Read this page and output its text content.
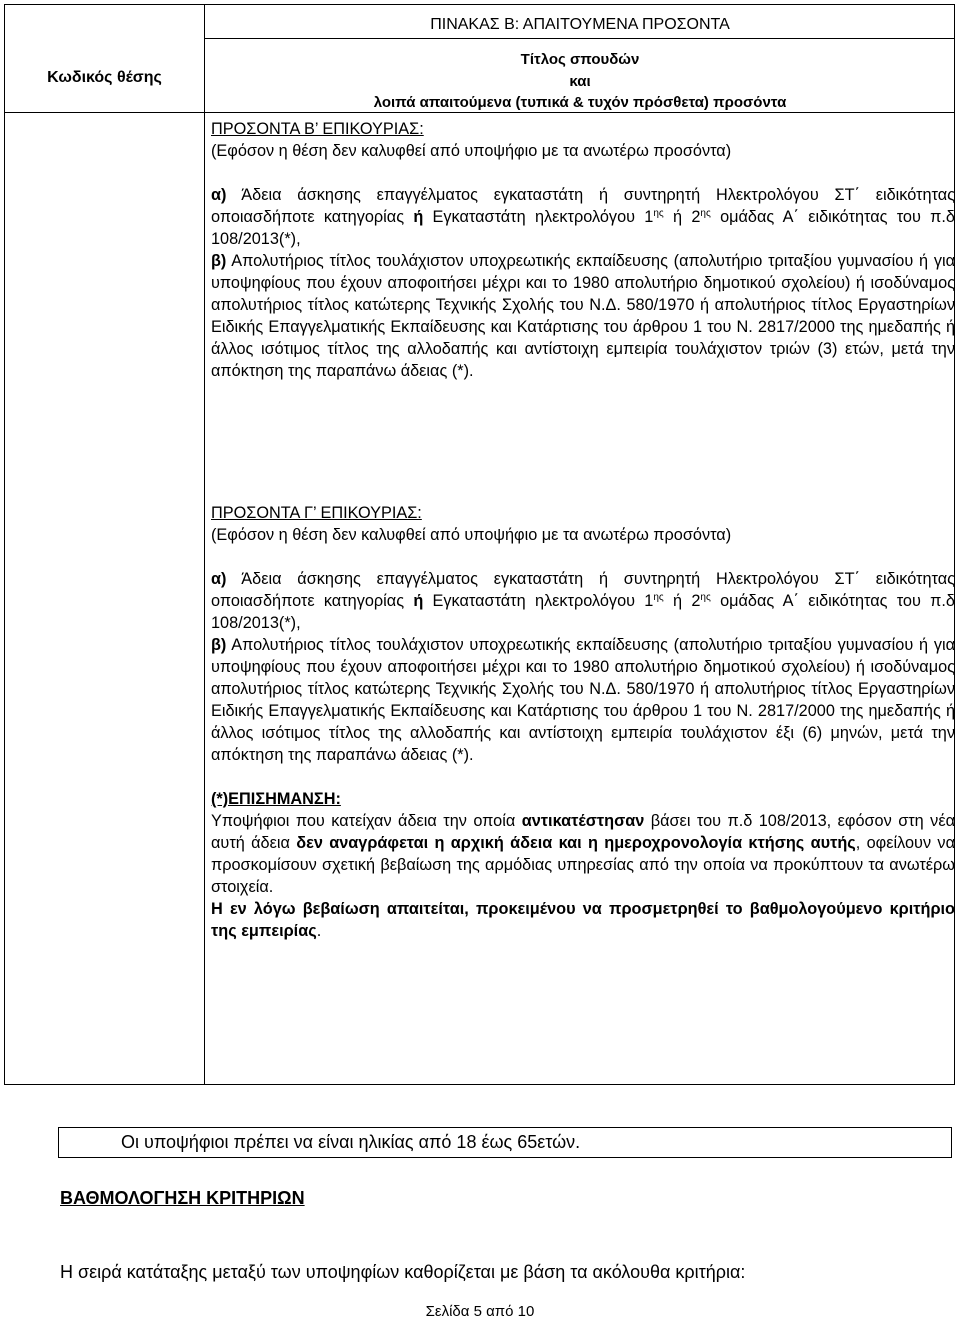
ΠΙΝΑΚΑΣ Β: ΑΠΑΙΤΟΥΜΕΝΑ ΠΡΟΣΟΝΤΑ
Κωδικός θέσης
Τίτλος σπουδών
και
λοιπά απαιτούμενα (τυπικά & τυχόν πρόσθετα) προσόντα

ΠΡΟΣΟΝΤΑ Β’ ΕΠΙΚΟΥΡΙΑΣ:

(Εφόσον η θέση δεν καλυφθεί από υποψήφιο με τα ανωτέρω προσόντα)

α) Άδεια άσκησης επαγγέλματος εγκαταστάτη ή συντηρητή Ηλεκτρολόγου ΣΤ΄ ειδικότητας οποιασδήποτε κατηγορίας ή Εγκαταστάτη ηλεκτρολόγου $1^{\eta\varsigma}$ ή $2^{\eta\varsigma}$ ομάδας Α΄ ειδικότητας του π.δ 108/2013(*),

β) Απολυτήριος τίτλος τουλάχιστον υποχρεωτικής εκπαίδευσης (απολυτήριο τριταξίου γυμνασίου ή για υποψηφίους που έχουν αποφοιτήσει μέχρι και το 1980 απολυτήριο δημοτικού σχολείου) ή ισοδύναμος απολυτήριος τίτλος κατώτερης Τεχνικής Σχολής του Ν.Δ. 580/1970 ή απολυτήριος τίτλος Εργαστηρίων Ειδικής Επαγγελματικής Εκπαίδευσης και Κατάρτισης του άρθρου 1 του Ν. 2817/2000 της ημεδαπής ή άλλος ισότιμος τίτλος της αλλοδαπής και αντίστοιχη εμπειρία τουλάχιστον τριών (3) ετών, μετά την απόκτηση της παραπάνω άδειας (*).

ΠΡΟΣΟΝΤΑ Γ’ ΕΠΙΚΟΥΡΙΑΣ:

(Εφόσον η θέση δεν καλυφθεί από υποψήφιο με τα ανωτέρω προσόντα)

α) Άδεια άσκησης επαγγέλματος εγκαταστάτη ή συντηρητή Ηλεκτρολόγου ΣΤ΄ ειδικότητας οποιασδήποτε κατηγορίας ή Εγκαταστάτη ηλεκτρολόγου $1^{\eta\varsigma}$ ή $2^{\eta\varsigma}$ ομάδας Α΄ ειδικότητας του π.δ 108/2013(*),

β) Απολυτήριος τίτλος τουλάχιστον υποχρεωτικής εκπαίδευσης (απολυτήριο τριταξίου γυμνασίου ή για υποψηφίους που έχουν αποφοιτήσει μέχρι και το 1980 απολυτήριο δημοτικού σχολείου) ή ισοδύναμος απολυτήριος τίτλος κατώτερης Τεχνικής Σχολής του Ν.Δ. 580/1970 ή απολυτήριος τίτλος Εργαστηρίων Ειδικής Επαγγελματικής Εκπαίδευσης και Κατάρτισης του άρθρου 1 του Ν. 2817/2000 της ημεδαπής ή άλλος ισότιμος τίτλος της αλλοδαπής και αντίστοιχη εμπειρία τουλάχιστον έξι (6) μηνών, μετά την απόκτηση της παραπάνω άδειας (*).

(*)ΕΠΙΣΗΜΑΝΣΗ:

Υποψήφιοι που κατείχαν άδεια την οποία αντικατέστησαν βάσει του π.δ 108/2013, εφόσον στη νέα αυτή άδεια δεν αναγράφεται η αρχική άδεια και η ημεροχρονολογία κτήσης αυτής, οφείλουν να προσκομίσουν σχετική βεβαίωση της αρμόδιας υπηρεσίας από την οποία να προκύπτουν τα ανωτέρω στοιχεία.

Η εν λόγω βεβαίωση απαιτείται, προκειμένου να προσμετρηθεί το βαθμολογούμενο κριτήριο της εμπειρίας.

Οι υποψήφιοι πρέπει να είναι ηλικίας από 18 έως 65ετών.
ΒΑΘΜΟΛΟΓΗΣΗ ΚΡΙΤΗΡΙΩΝ
Η σειρά κατάταξης μεταξύ των υποψηφίων καθορίζεται με βάση τα ακόλουθα κριτήρια:
Σελίδα 5 από 10
